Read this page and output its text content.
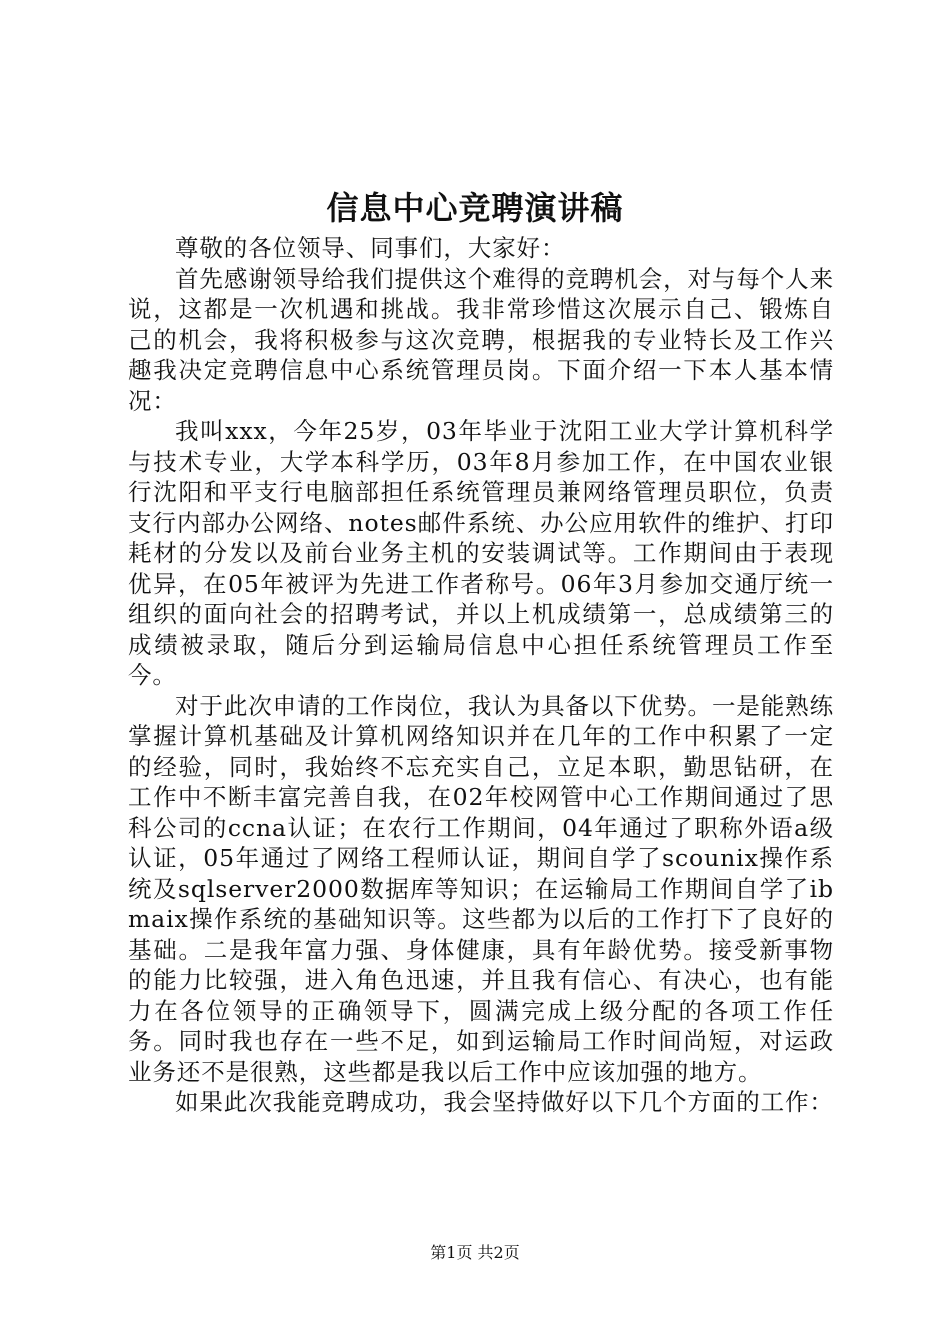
信息中心竞聘演讲稿

尊敬的各位领导、同事们，大家好：

首先感谢领导给我们提供这个难得的竞聘机会，对与每个人来说，这都是一次机遇和挑战。我非常珍惜这次展示自己、锻炼自己的机会，我将积极参与这次竞聘，根据我的专业特长及工作兴趣我决定竞聘信息中心系统管理员岗。下面介绍一下本人基本情况：

我叫xxx，今年25岁，03年毕业于沈阳工业大学计算机科学与技术专业，大学本科学历，03年8月参加工作，在中国农业银行沈阳和平支行电脑部担任系统管理员兼网络管理员职位，负责支行内部办公网络、notes邮件系统、办公应用软件的维护、打印耗材的分发以及前台业务主机的安装调试等。工作期间由于表现优异，在05年被评为先进工作者称号。06年3月参加交通厅统一组织的面向社会的招聘考试，并以上机成绩第一，总成绩第三的成绩被录取，随后分到运输局信息中心担任系统管理员工作至今。

对于此次申请的工作岗位，我认为具备以下优势。一是能熟练掌握计算机基础及计算机网络知识并在几年的工作中积累了一定的经验，同时，我始终不忘充实自己，立足本职，勤思钻研，在工作中不断丰富完善自我，在02年校网管中心工作期间通过了思科公司的ccna认证；在农行工作期间，04年通过了职称外语a级认证，05年通过了网络工程师认证，期间自学了scounix操作系统及sqlserver2000数据库等知识；在运输局工作期间自学了ibmaix操作系统的基础知识等。这些都为以后的工作打下了良好的基础。二是我年富力强、身体健康，具有年龄优势。接受新事物的能力比较强，进入角色迅速，并且我有信心、有决心，也有能力在各位领导的正确领导下，圆满完成上级分配的各项工作任务。同时我也存在一些不足，如到运输局工作时间尚短，对运政业务还不是很熟，这些都是我以后工作中应该加强的地方。

如果此次我能竞聘成功，我会坚持做好以下几个方面的工作：

第1页 共2页
